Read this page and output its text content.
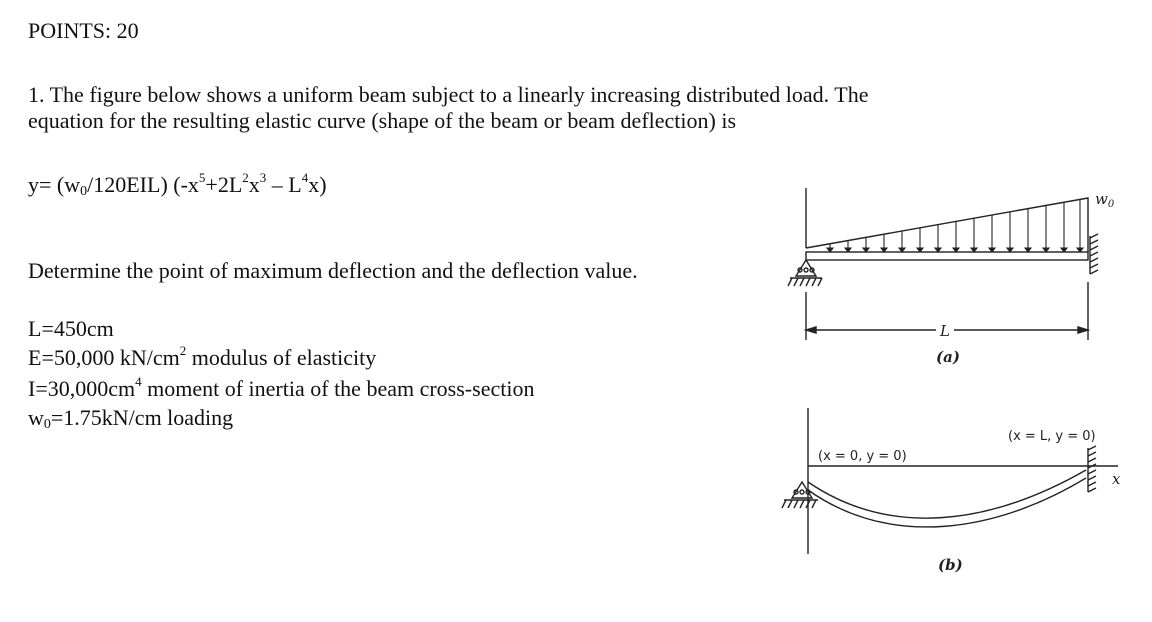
POINTS: 20
1. The figure below shows a uniform beam subject to a linearly increasing distributed load. The
equation for the resulting elastic curve (shape of the beam or beam deflection) is
$y= (w_0/120EIL)$ $(-x^5+2L^2x^3 - L^4x)$
Determine the point of maximum deflection and the deflection value.
L=450cm
E=50,000 $kN/cm^2$ modulus of elasticity
$I=30,000cm^4$ moment of inertia of the beam cross-section
$w_0=1.75kN/cm$ loading
$w_0$
L
(a)
(x = 0, y = 0)
(x = L, y = 0)
x
(b)
